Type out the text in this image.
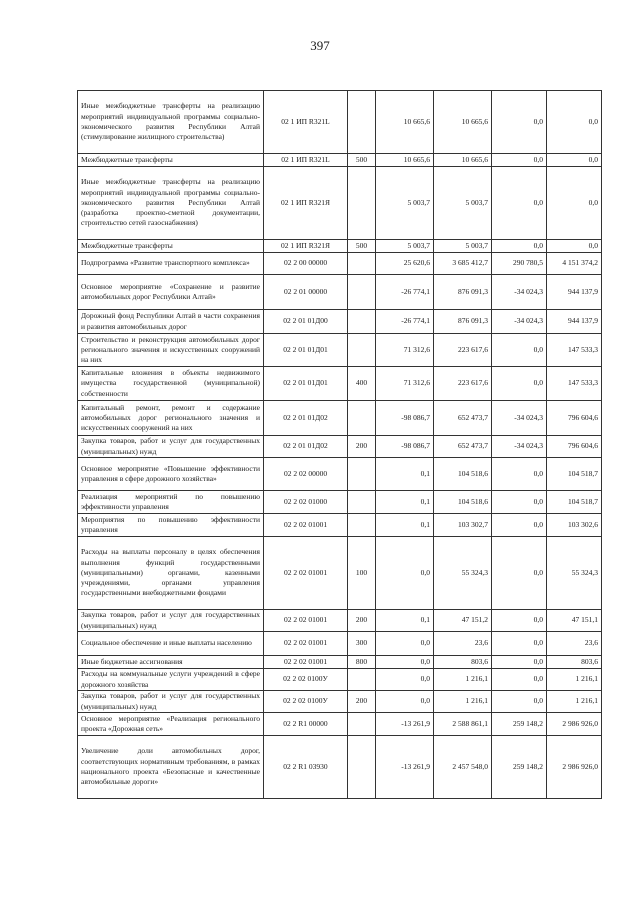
397
Иные межбюджетные трансферты на реализацию мероприятий индивидуальной программы социально-экономического развития Республики Алтай (стимулирование жилищного строительства)	02 1 ИП R321L		10 665,6	10 665,6	0,0	0,0
Межбюджетные трансферты	02 1 ИП R321L	500	10 665,6	10 665,6	0,0	0,0
Иные межбюджетные трансферты на реализацию мероприятий индивидуальной программы социально-экономического развития Республики Алтай (разработка проектно-сметной документации, строительство сетей газоснабжения)	02 1 ИП R321Я		5 003,7	5 003,7	0,0	0,0
Межбюджетные трансферты	02 1 ИП R321Я	500	5 003,7	5 003,7	0,0	0,0
Подпрограмма «Развитие транспортного комплекса»	02 2 00 00000		25 620,6	3 685 412,7	290 780,5	4 151 374,2
Основное мероприятие «Сохранение и развитие автомобильных дорог Республики Алтай»	02 2 01 00000		-26 774,1	876 091,3	-34 024,3	944 137,9
Дорожный фонд Республики Алтай в части сохранения и развития автомобильных дорог	02 2 01 01Д00		-26 774,1	876 091,3	-34 024,3	944 137,9
Строительство и реконструкция автомобильных дорог регионального значения и искусственных сооружений на них	02 2 01 01Д01		71 312,6	223 617,6	0,0	147 533,3
Капитальные вложения в объекты недвижимого имущества государственной (муниципальной) собственности	02 2 01 01Д01	400	71 312,6	223 617,6	0,0	147 533,3
Капитальный ремонт, ремонт и содержание автомобильных дорог регионального значения и искусственных сооружений на них	02 2 01 01Д02		-98 086,7	652 473,7	-34 024,3	796 604,6
Закупка товаров, работ и услуг для государственных (муниципальных) нужд	02 2 01 01Д02	200	-98 086,7	652 473,7	-34 024,3	796 604,6
Основное мероприятие «Повышение эффективности управления в сфере дорожного хозяйства»	02 2 02 00000		0,1	104 518,6	0,0	104 518,7
Реализация мероприятий по повышению эффективности управления	02 2 02 01000		0,1	104 518,6	0,0	104 518,7
Мероприятия по повышению эффективности управления	02 2 02 01001		0,1	103 302,7	0,0	103 302,6
Расходы на выплаты персоналу в целях обеспечения выполнения функций государственными (муниципальными) органами, казенными учреждениями, органами управления государственными внебюджетными фондами	02 2 02 01001	100	0,0	55 324,3	0,0	55 324,3
Закупка товаров, работ и услуг для государственных (муниципальных) нужд	02 2 02 01001	200	0,1	47 151,2	0,0	47 151,1
Социальное обеспечение и иные выплаты населению	02 2 02 01001	300	0,0	23,6	0,0	23,6
Иные бюджетные ассигнования	02 2 02 01001	800	0,0	803,6	0,0	803,6
Расходы на коммунальные услуги учреждений в сфере дорожного хозяйства	02 2 02 0100У		0,0	1 216,1	0,0	1 216,1
Закупка товаров, работ и услуг для государственных (муниципальных) нужд	02 2 02 0100У	200	0,0	1 216,1	0,0	1 216,1
Основное мероприятие «Реализация регионального проекта «Дорожная сеть»	02 2 R1 00000		-13 261,9	2 588 861,1	259 148,2	2 986 926,0
Увеличение доли автомобильных дорог, соответствующих нормативным требованиям, в рамках национального проекта «Безопасные и качественные автомобильные дороги»	02 2 R1 03930		-13 261,9	2 457 548,0	259 148,2	2 986 926,0
